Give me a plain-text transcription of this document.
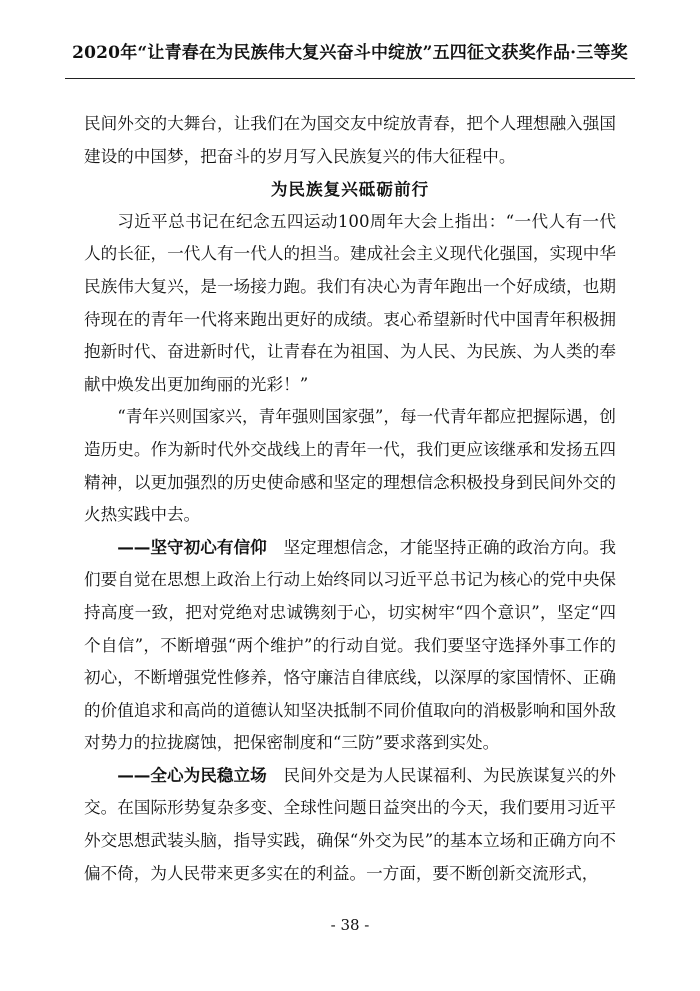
2020年“让青春在为民族伟大复兴奋斗中绽放”五四征文获奖作品·三等奖

民间外交的大舞台，让我们在为国交友中绽放青春，把个人理想融入强国建设的中国梦，把奋斗的岁月写入民族复兴的伟大征程中。

为民族复兴砥砺前行

习近平总书记在纪念五四运动100周年大会上指出：“一代人有一代人的长征，一代人有一代人的担当。建成社会主义现代化强国，实现中华民族伟大复兴，是一场接力跑。我们有决心为青年跑出一个好成绩，也期待现在的青年一代将来跑出更好的成绩。衷心希望新时代中国青年积极拥抱新时代、奋进新时代，让青春在为祖国、为人民、为民族、为人类的奉献中焕发出更加绚丽的光彩！”

“青年兴则国家兴，青年强则国家强”，每一代青年都应把握际遇，创造历史。作为新时代外交战线上的青年一代，我们更应该继承和发扬五四精神，以更加强烈的历史使命感和坚定的理想信念积极投身到民间外交的火热实践中去。

——坚守初心有信仰  坚定理想信念，才能坚持正确的政治方向。我们要自觉在思想上政治上行动上始终同以习近平总书记为核心的党中央保持高度一致，把对党绝对忠诚镌刻于心，切实树牢“四个意识”，坚定“四个自信”，不断增强“两个维护”的行动自觉。我们要坚守选择外事工作的初心，不断增强党性修养，恪守廉洁自律底线，以深厚的家国情怀、正确的价值追求和高尚的道德认知坚决抵制不同价值取向的消极影响和国外敌对势力的拉拢腐蚀，把保密制度和“三防”要求落到实处。

——全心为民稳立场  民间外交是为人民谋福利、为民族谋复兴的外交。在国际形势复杂多变、全球性问题日益突出的今天，我们要用习近平外交思想武装头脑，指导实践，确保“外交为民”的基本立场和正确方向不偏不倚，为人民带来更多实在的利益。一方面，要不断创新交流形式，

- 38 -
